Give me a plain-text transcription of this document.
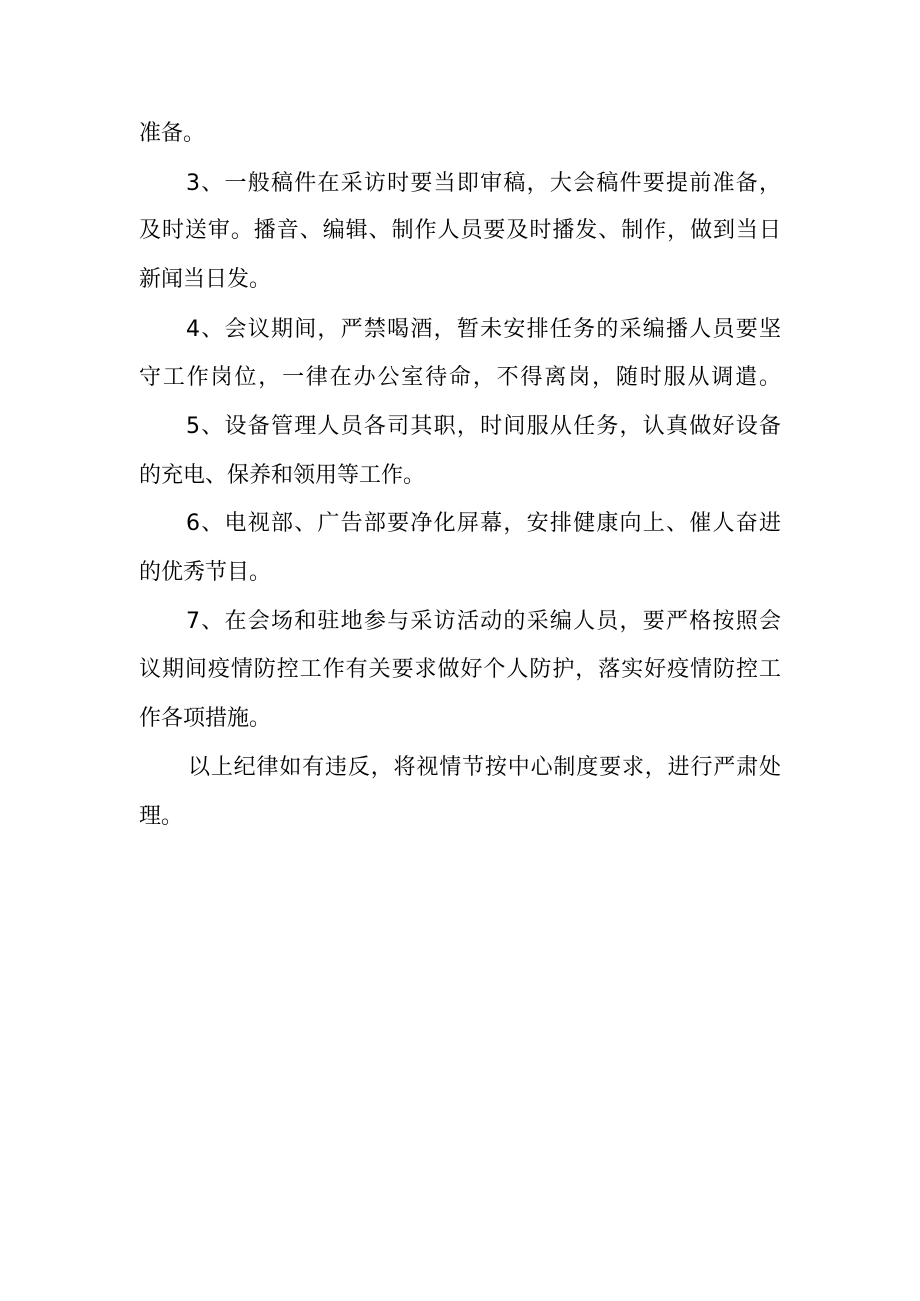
准备。
3、一般稿件在采访时要当即审稿，大会稿件要提前准备，
及时送审。播音、编辑、制作人员要及时播发、制作，做到当日
新闻当日发。
4、会议期间，严禁喝酒，暂未安排任务的采编播人员要坚
守工作岗位，一律在办公室待命，不得离岗，随时服从调遣。
5、设备管理人员各司其职，时间服从任务，认真做好设备
的充电、保养和领用等工作。
6、电视部、广告部要净化屏幕，安排健康向上、催人奋进
的优秀节目。
7、在会场和驻地参与采访活动的采编人员，要严格按照会
议期间疫情防控工作有关要求做好个人防护，落实好疫情防控工
作各项措施。
以上纪律如有违反，将视情节按中心制度要求，进行严肃处
理。
